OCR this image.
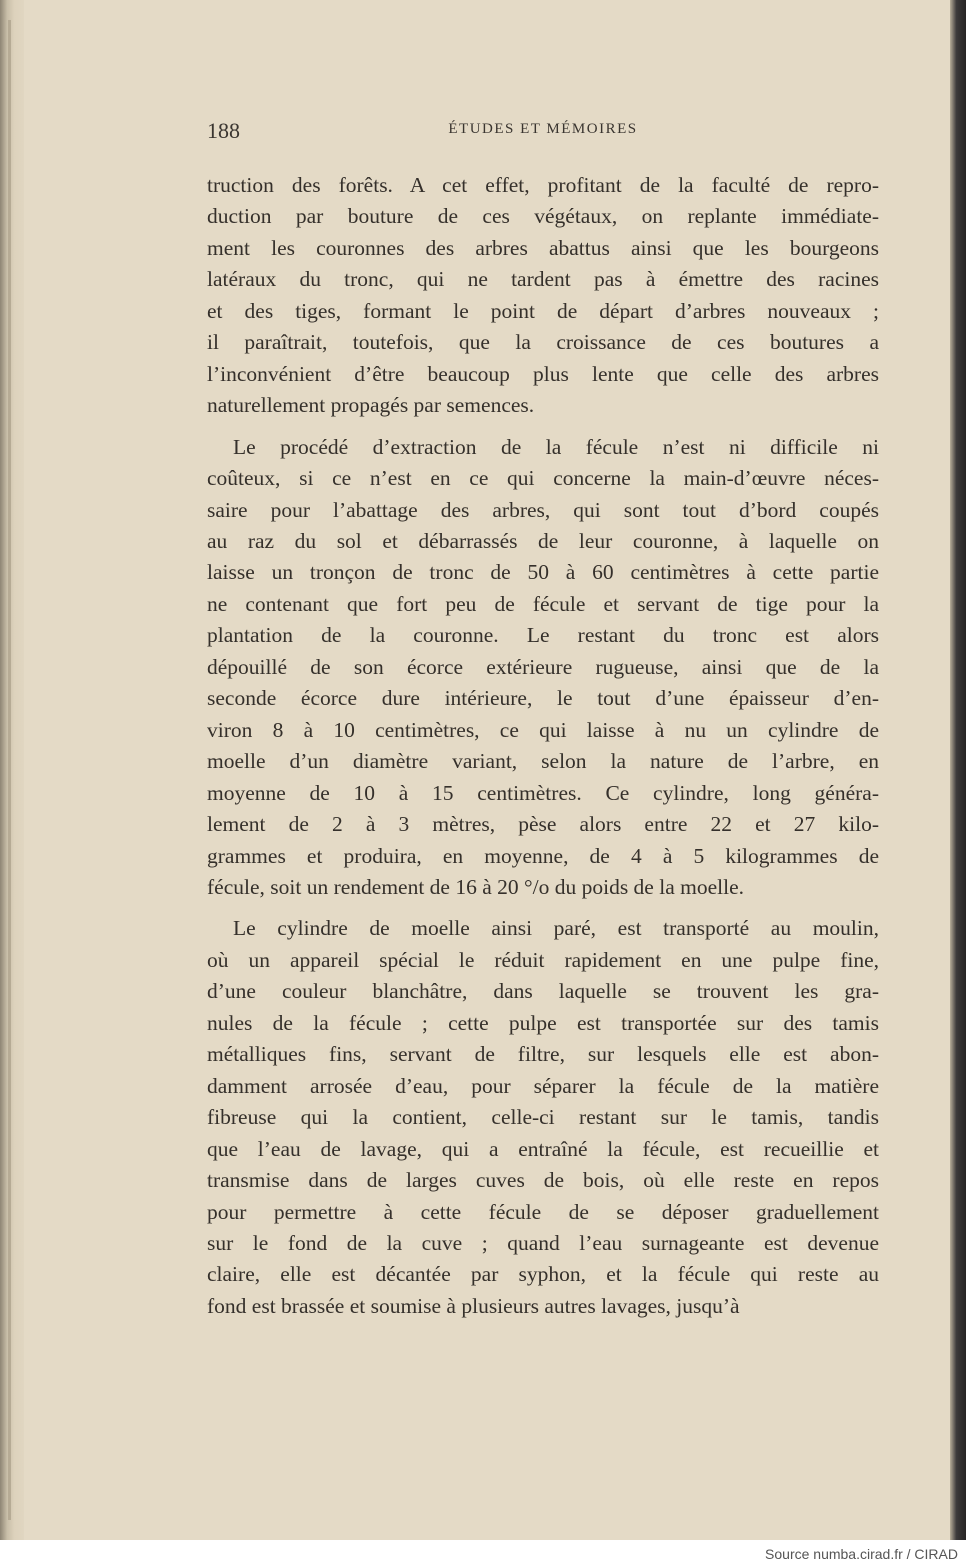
188	ÉTUDES ET MÉMOIRES
truction des forêts. A cet effet, profitant de la faculté de repro-
duction par bouture de ces végétaux, on replante immédiate-
ment les couronnes des arbres abattus ainsi que les bourgeons
latéraux du tronc, qui ne tardent pas à émettre des racines
et des tiges, formant le point de départ d’arbres nouveaux ;
il paraîtrait, toutefois, que la croissance de ces boutures a
l’inconvénient d’être beaucoup plus lente que celle des arbres
naturellement propagés par semences.
Le procédé d’extraction de la fécule n’est ni difficile ni
coûteux, si ce n’est en ce qui concerne la main-d’œuvre néces-
saire pour l’abattage des arbres, qui sont tout d’bord coupés
au raz du sol et débarrassés de leur couronne, à laquelle on
laisse un tronçon de tronc de 50 à 60 centimètres à cette partie
ne contenant que fort peu de fécule et servant de tige pour la
plantation de la couronne. Le restant du tronc est alors
dépouillé de son écorce extérieure rugueuse, ainsi que de la
seconde écorce dure intérieure, le tout d’une épaisseur d’en-
viron 8 à 10 centimètres, ce qui laisse à nu un cylindre de
moelle d’un diamètre variant, selon la nature de l’arbre, en
moyenne de 10 à 15 centimètres. Ce cylindre, long généra-
lement de 2 à 3 mètres, pèse alors entre 22 et 27 kilo-
grammes et produira, en moyenne, de 4 à 5 kilogrammes de
fécule, soit un rendement de 16 à 20 °/o du poids de la moelle.
Le cylindre de moelle ainsi paré, est transporté au moulin,
où un appareil spécial le réduit rapidement en une pulpe fine,
d’une couleur blanchâtre, dans laquelle se trouvent les gra-
nules de la fécule ; cette pulpe est transportée sur des tamis
métalliques fins, servant de filtre, sur lesquels elle est abon-
damment arrosée d’eau, pour séparer la fécule de la matière
fibreuse qui la contient, celle-ci restant sur le tamis, tandis
que l’eau de lavage, qui a entraîné la fécule, est recueillie et
transmise dans de larges cuves de bois, où elle reste en repos
pour permettre à cette fécule de se déposer graduellement
sur le fond de la cuve ; quand l’eau surnageante est devenue
claire, elle est décantée par syphon, et la fécule qui reste au
fond est brassée et soumise à plusieurs autres lavages, jusqu’à
Source numba.cirad.fr / CIRAD
